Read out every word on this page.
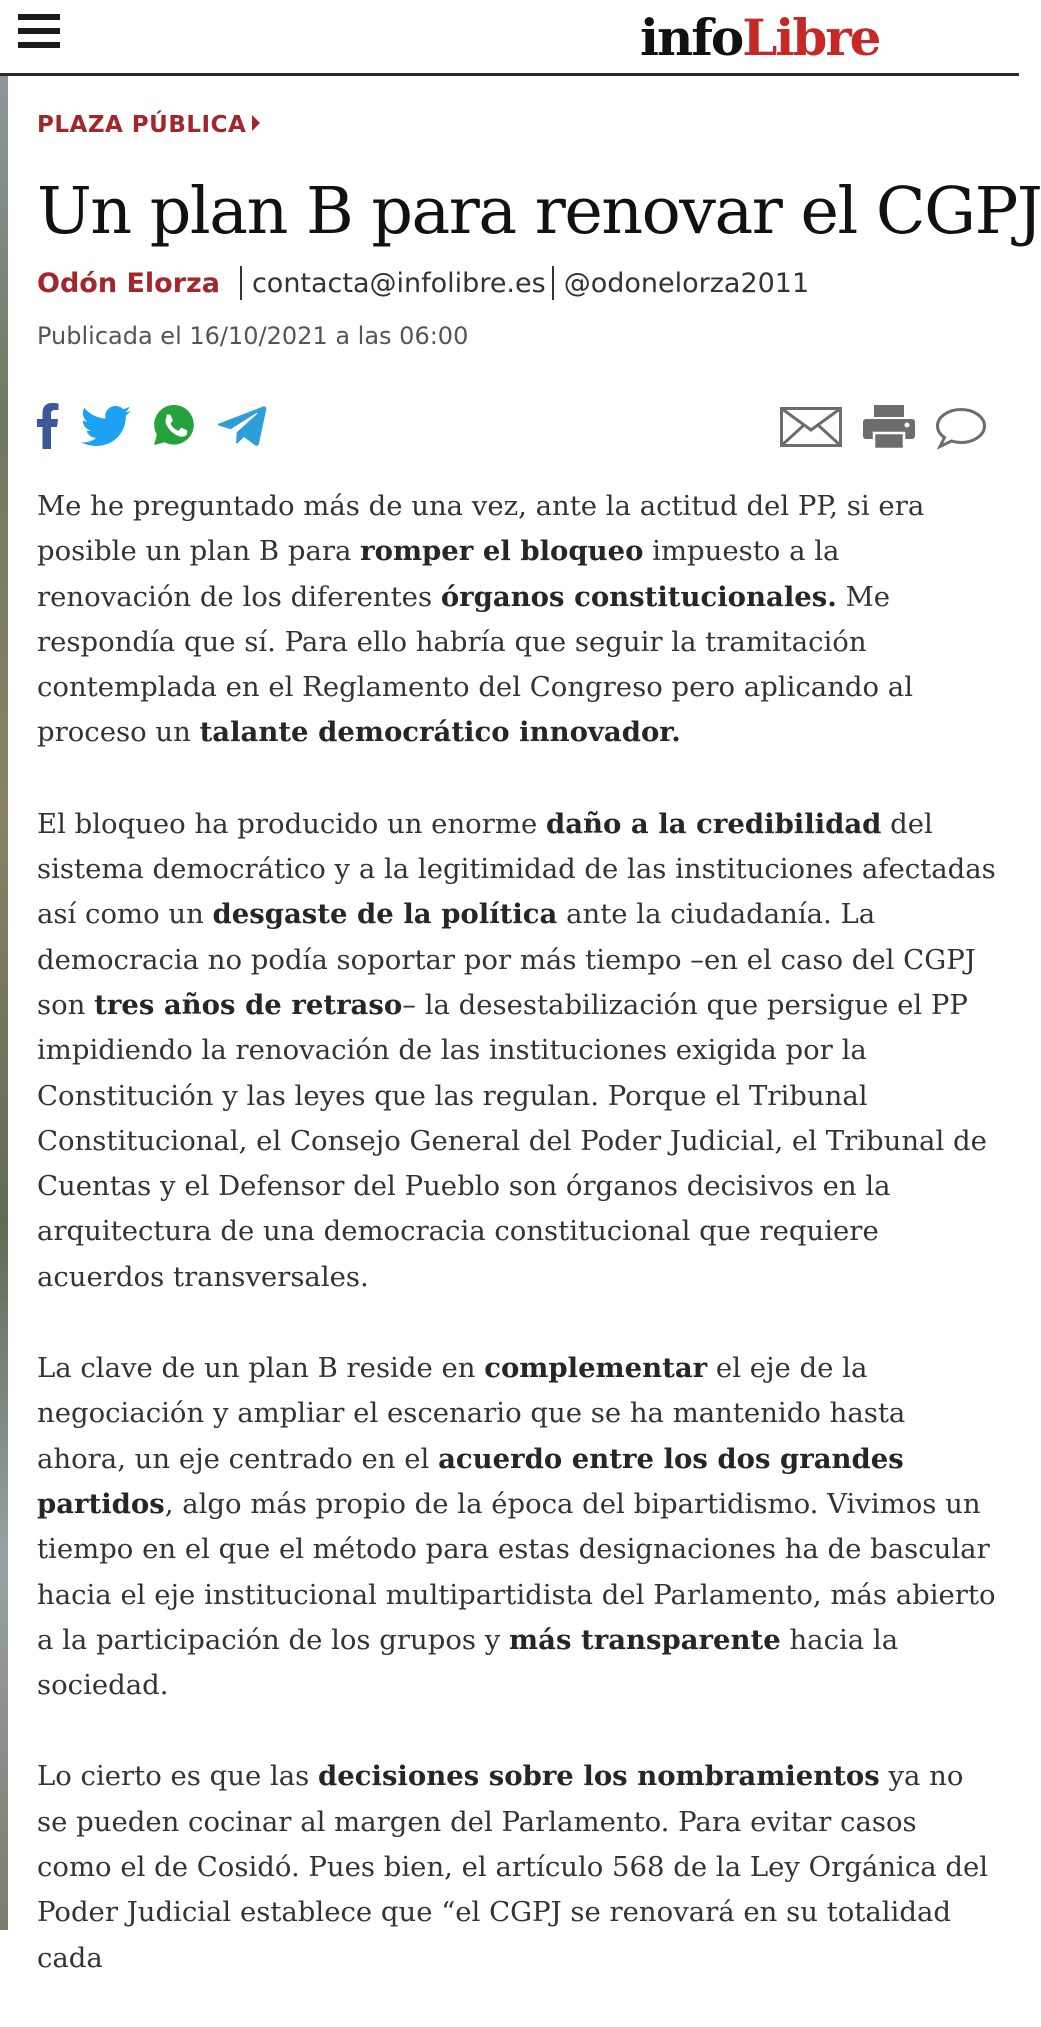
infoLibre
PLAZA PÚBLICA
Un plan B para renovar el CGPJ
Odón Elorza contacta@infolibre.es @odonelorza2011
Publicada el 16/10/2021 a las 06:00

Me he preguntado más de una vez, ante la actitud del PP, si era posible un plan B para romper el bloqueo impuesto a la renovación de los diferentes órganos constitucionales. Me respondía que sí. Para ello habría que seguir la tramitación contemplada en el Reglamento del Congreso pero aplicando al proceso un talante democrático innovador.

El bloqueo ha producido un enorme daño a la credibilidad del sistema democrático y a la legitimidad de las instituciones afectadas así como un desgaste de la política ante la ciudadanía. La democracia no podía soportar por más tiempo –en el caso del CGPJ son tres años de retraso– la desestabilización que persigue el PP impidiendo la renovación de las instituciones exigida por la Constitución y las leyes que las regulan. Porque el Tribunal Constitucional, el Consejo General del Poder Judicial, el Tribunal de Cuentas y el Defensor del Pueblo son órganos decisivos en la arquitectura de una democracia constitucional que requiere acuerdos transversales.

La clave de un plan B reside en complementar el eje de la negociación y ampliar el escenario que se ha mantenido hasta ahora, un eje centrado en el acuerdo entre los dos grandes partidos, algo más propio de la época del bipartidismo. Vivimos un tiempo en el que el método para estas designaciones ha de bascular hacia el eje institucional multipartidista del Parlamento, más abierto a la participación de los grupos y más transparente hacia la sociedad.

Lo cierto es que las decisiones sobre los nombramientos ya no se pueden cocinar al margen del Parlamento. Para evitar casos como el de Cosidó. Pues bien, el artículo 568 de la Ley Orgánica del Poder Judicial establece que “el CGPJ se renovará en su totalidad cada
